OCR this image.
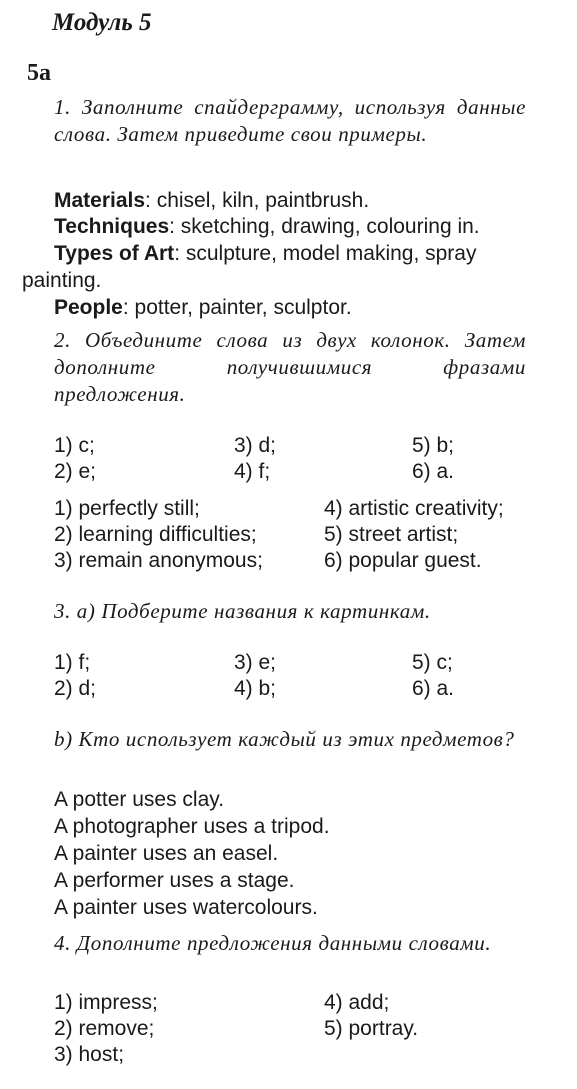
Модуль 5
5а
1. Заполните спайдерграмму, используя данные слова. Затем приведите свои примеры.
Materials: chisel, kiln, paintbrush.
Techniques: sketching, drawing, colouring in.
Types of Art: sculpture, model making, spray
painting.
People: potter, painter, sculptor.
2. Объедините слова из двух колонок. Затем дополните получившимися фразами предложения.
1) c;	3) d;	5) b;
2) e;	4) f;	6) a.
1) perfectly still;	4) artistic creativity;
2) learning difficulties;	5) street artist;
3) remain anonymous;	6) popular guest.
3. a) Подберите названия к картинкам.
1) f;	3) e;	5) c;
2) d;	4) b;	6) a.
b) Кто использует каждый из этих предметов?
A potter uses clay.
A photographer uses a tripod.
A painter uses an easel.
A performer uses a stage.
A painter uses watercolours.
4. Дополните предложения данными словами.
1) impress;	4) add;
2) remove;	5) portray.
3) host;
